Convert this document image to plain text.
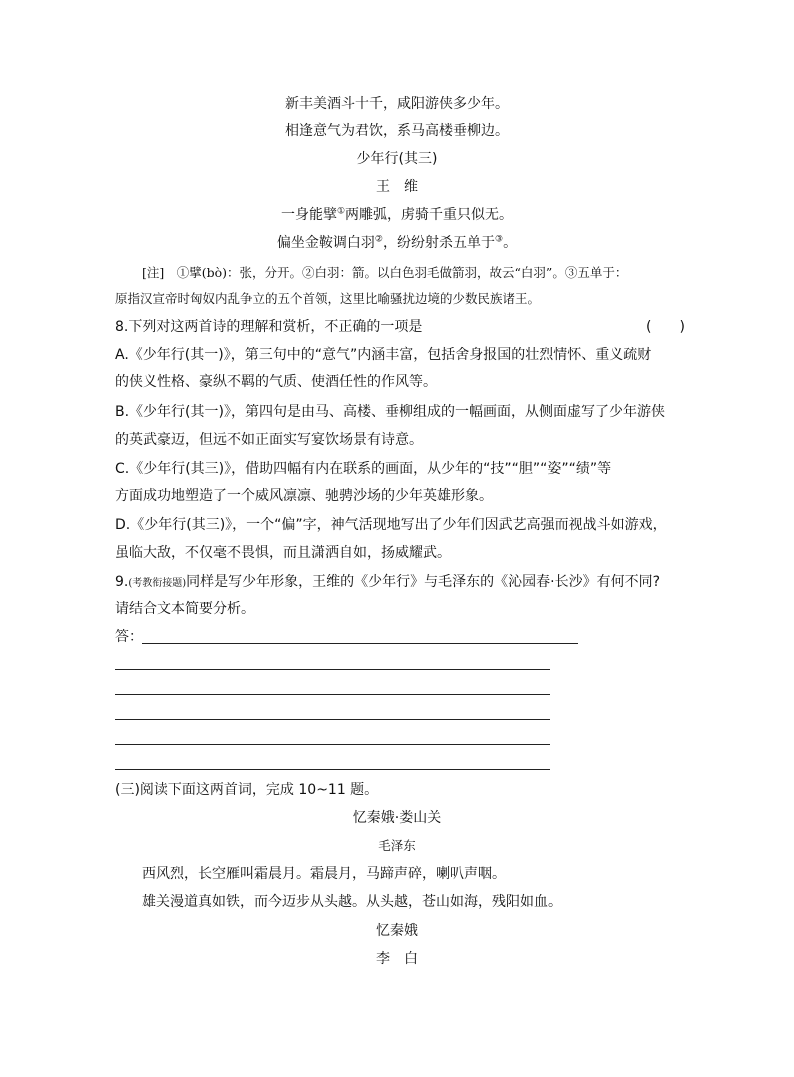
新丰美酒斗十千，咸阳游侠多少年。
相逢意气为君饮，系马高楼垂柳边。
少年行(其三)
王　维
一身能擘①两雕弧，虏骑千重只似无。
偏坐金鞍调白羽②，纷纷射杀五单于③。
[注]　①擘(bò)：张，分开。②白羽：箭。以白色羽毛做箭羽，故云“白羽”。③五单于：
原指汉宣帝时匈奴内乱争立的五个首领，这里比喻骚扰边境的少数民族诸王。
8.下列对这两首诗的理解和赏析，不正确的一项是	(　　)
A.《少年行(其一)》，第三句中的“意气”内涵丰富，包括舍身报国的壮烈情怀、重义疏财
的侠义性格、豪纵不羁的气质、使酒任性的作风等。
B.《少年行(其一)》，第四句是由马、高楼、垂柳组成的一幅画面，从侧面虚写了少年游侠
的英武豪迈，但远不如正面实写宴饮场景有诗意。
C.《少年行(其三)》，借助四幅有内在联系的画面，从少年的“技”“胆”“姿”“绩”等
方面成功地塑造了一个威风凛凛、驰骋沙场的少年英雄形象。
D.《少年行(其三)》，一个“偏”字，神气活现地写出了少年们因武艺高强而视战斗如游戏，
虽临大敌，不仅毫不畏惧，而且潇洒自如，扬威耀武。
9.(考教衔接题)同样是写少年形象，王维的《少年行》与毛泽东的《沁园春·长沙》有何不同?
请结合文本简要分析。
答：
(三)阅读下面这两首词，完成 10~11 题。
忆秦娥·娄山关
毛泽东
西风烈，长空雁叫霜晨月。霜晨月，马蹄声碎，喇叭声咽。
雄关漫道真如铁，而今迈步从头越。从头越，苍山如海，残阳如血。
忆秦娥
李　白
